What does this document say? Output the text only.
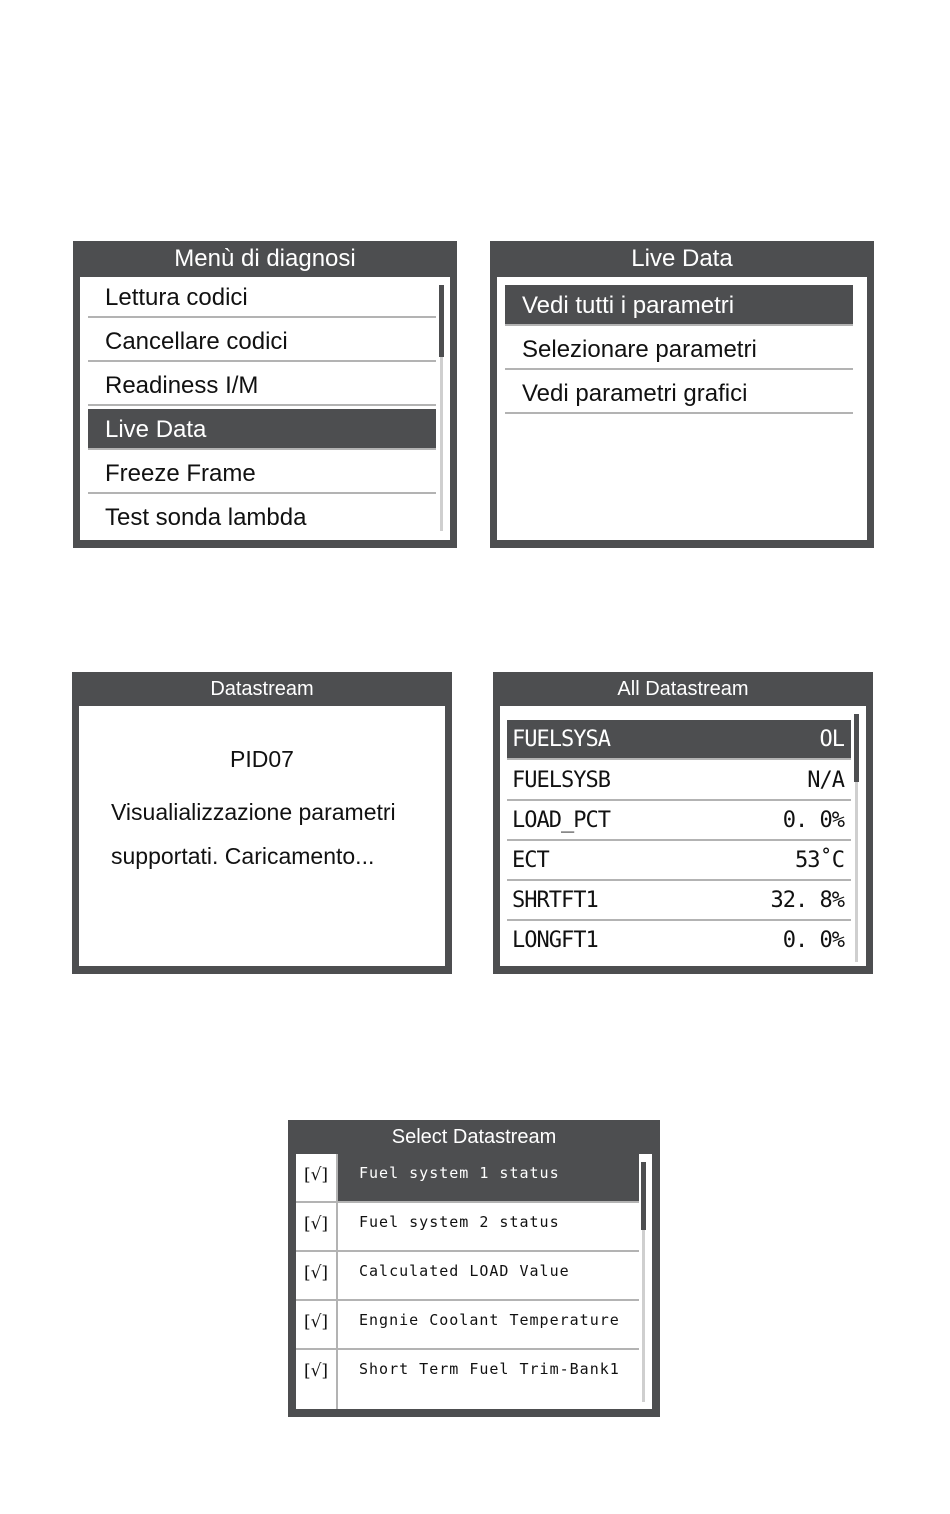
Menù di diagnosi
Lettura codici
Cancellare codici
Readiness I/M
Live Data
Freeze Frame
Test sonda lambda
Live Data
Vedi tutti i parametri
Selezionare parametri
Vedi parametri grafici
Datastream
PID07
Visualializzazione parametri
supportati. Caricamento...
All Datastream
FUELSYSA	OL
FUELSYSB	N/A
LOAD_PCT	0. 0%
ECT	53˚C
SHRTFT1	32. 8%
LONGFT1	0. 0%
Select Datastream
[√]	Fuel system 1 status
[√]	Fuel system 2 status
[√]	Calculated LOAD Value
[√]	Engnie Coolant Temperature
[√]	Short Term Fuel Trim-Bank1
